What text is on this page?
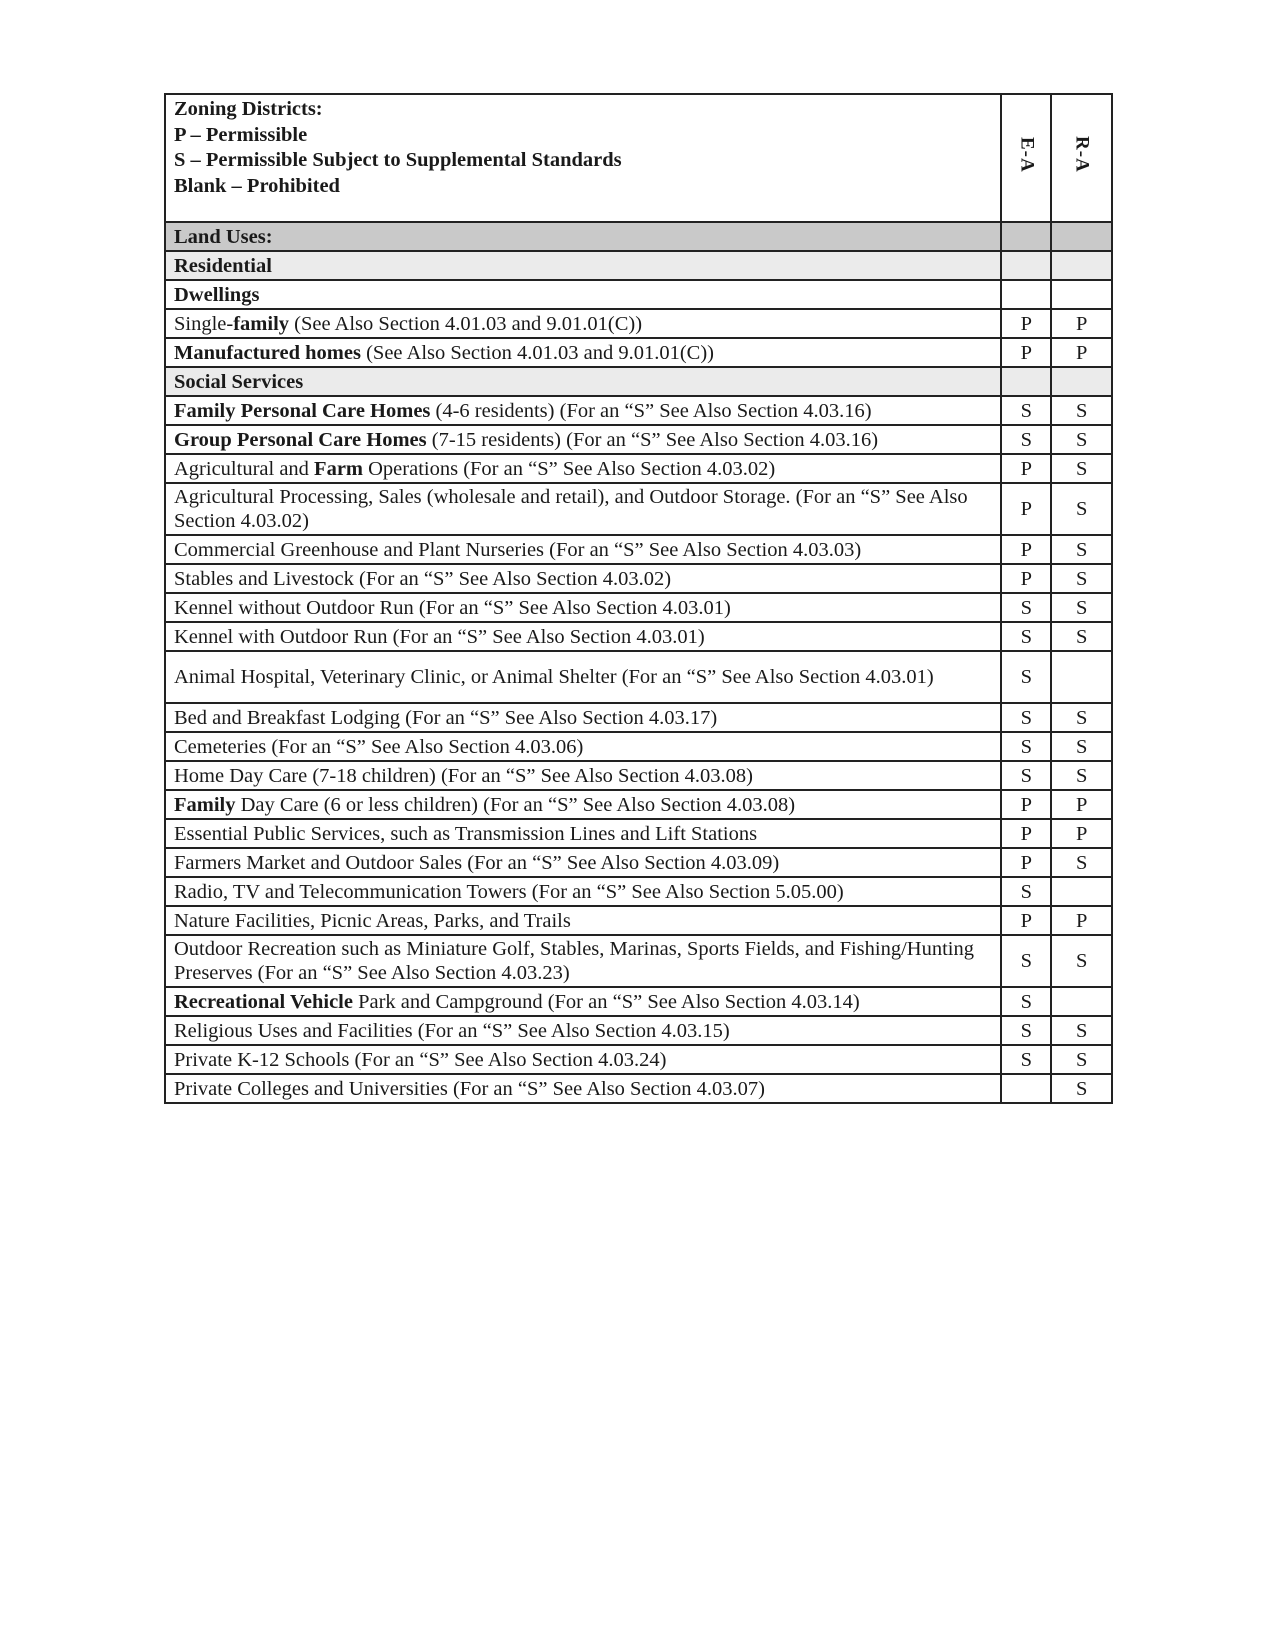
Zoning Districts:
P – Permissible
S – Permissible Subject to Supplemental Standards
Blank – Prohibited	E-A	R-A
Land Uses:		
Residential		
Dwellings		
Single-family (See Also Section 4.01.03 and 9.01.01(C))	P	P
Manufactured homes (See Also Section 4.01.03 and 9.01.01(C))	P	P
Social Services		
Family Personal Care Homes (4-6 residents) (For an “S” See Also Section 4.03.16)	S	S
Group Personal Care Homes (7-15 residents) (For an “S” See Also Section 4.03.16)	S	S
Agricultural and Farm Operations (For an “S” See Also Section 4.03.02)	P	S
Agricultural Processing, Sales (wholesale and retail), and Outdoor Storage. (For an “S” See Also Section 4.03.02)	P	S
Commercial Greenhouse and Plant Nurseries (For an “S” See Also Section 4.03.03)	P	S
Stables and Livestock (For an “S” See Also Section 4.03.02)	P	S
Kennel without Outdoor Run (For an “S” See Also Section 4.03.01)	S	S
Kennel with Outdoor Run (For an “S” See Also Section 4.03.01)	S	S
Animal Hospital, Veterinary Clinic, or Animal Shelter (For an “S” See Also Section 4.03.01)	S	
Bed and Breakfast Lodging (For an “S” See Also Section 4.03.17)	S	S
Cemeteries (For an “S” See Also Section 4.03.06)	S	S
Home Day Care (7-18 children) (For an “S” See Also Section 4.03.08)	S	S
Family Day Care (6 or less children) (For an “S” See Also Section 4.03.08)	P	P
Essential Public Services, such as Transmission Lines and Lift Stations	P	P
Farmers Market and Outdoor Sales (For an “S” See Also Section 4.03.09)	P	S
Radio, TV and Telecommunication Towers (For an “S” See Also Section 5.05.00)	S	
Nature Facilities, Picnic Areas, Parks, and Trails	P	P
Outdoor Recreation such as Miniature Golf, Stables, Marinas, Sports Fields, and Fishing/Hunting Preserves (For an “S” See Also Section 4.03.23)	S	S
Recreational Vehicle Park and Campground (For an “S” See Also Section 4.03.14)	S	
Religious Uses and Facilities (For an “S” See Also Section 4.03.15)	S	S
Private K-12 Schools (For an “S” See Also Section 4.03.24)	S	S
Private Colleges and Universities (For an “S” See Also Section 4.03.07)		S
